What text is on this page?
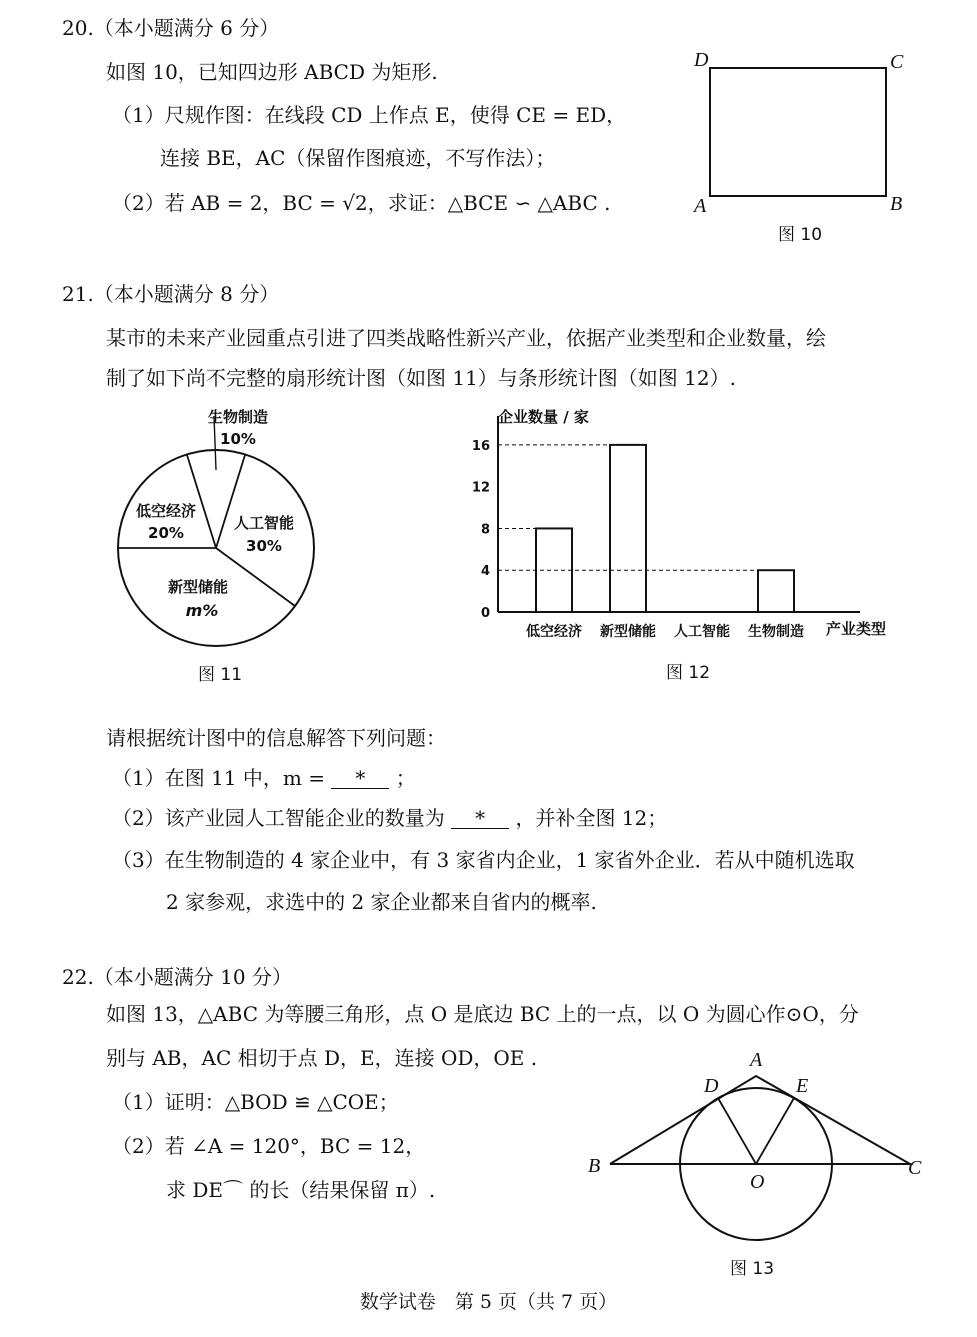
20.（本小题满分 6 分）
如图 10，已知四边形 ABCD 为矩形.
（1）尺规作图：在线段 CD 上作点 E，使得 CE = ED，
连接 BE，AC（保留作图痕迹，不写作法）；
（2）若 AB = 2，BC = √2，求证：△BCE ∽ △ABC .
D	C
A	B
图 10
21.（本小题满分 8 分）
某市的未来产业园重点引进了四类战略性新兴产业，依据产业类型和企业数量，绘
制了如下尚不完整的扇形统计图（如图 11）与条形统计图（如图 12）.
生物制造
10%
人工智能
30%
新型储能
m%
低空经济
20%
图 11
0
4
8
12
16
低空经济 新型储能 人工智能 生物制造
企业数量 / 家
产业类型
图 12
请根据统计图中的信息解答下列问题：
（1）在图 11 中，m = * ；
（2）该产业园人工智能企业的数量为 * ，并补全图 12；
（3）在生物制造的 4 家企业中，有 3 家省内企业，1 家省外企业．若从中随机选取
2 家参观，求选中的 2 家企业都来自省内的概率.
22.（本小题满分 10 分）
如图 13，△ABC 为等腰三角形，点 O 是底边 BC 上的一点，以 O 为圆心作⊙O，分
别与 AB，AC 相切于点 D，E，连接 OD，OE .
（1）证明：△BOD ≌ △COE；
（2）若 ∠A = 120°，BC = 12，
求 DE⌒ 的长（结果保留 π）.
A
D	E
B	C
O
图 13
数学试卷　第 5 页（共 7 页）
